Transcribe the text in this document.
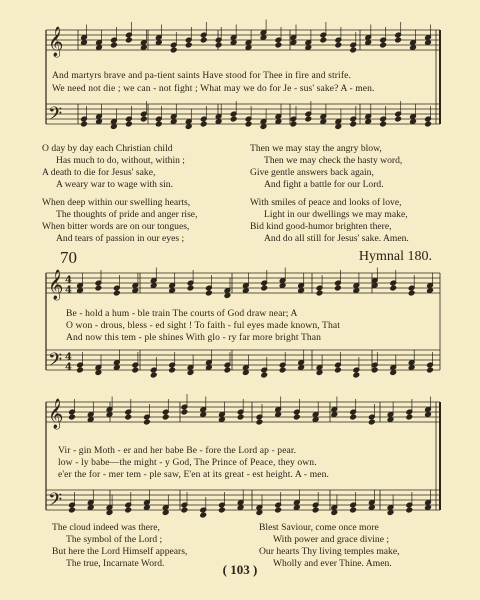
𝄞
𝄢
𝄞
𝄢
𝄞
𝄢
4
4
4
4
And martyrs brave and pa-tient saints Have stood for Thee in fire and strife.
We need not die ; we can - not fight ; What may we do for Je - sus' sake? A - men.
O day by day each Christian child
Has much to do, without, within ;
A death to die for Jesus' sake,
A weary war to wage with sin.
When deep within our swelling hearts,
The thoughts of pride and anger rise,
When bitter words are on our tongues,
And tears of passion in our eyes ;
Then we may stay the angry blow,
Then we may check the hasty word,
Give gentle answers back again,
And fight a battle for our Lord.
With smiles of peace and looks of love,
Light in our dwellings we may make,
Bid kind good-humor brighten there,
And do all still for Jesus' sake. Amen.
70	Hymnal 180.
Be - hold a hum - ble train The courts of God draw near; A
O won - drous, bless - ed sight ! To faith - ful eyes made known, That
And now this tem - ple shines With glo - ry far more bright Than
Vir - gin Moth - er and her babe Be - fore the Lord ap - pear.
low - ly babe—the might - y God, The Prince of Peace, they own.
e'er the for - mer tem - ple saw, E'en at its great - est height. A - men.
The cloud indeed was there,
The symbol of the Lord ;
But here the Lord Himself appears,
The true, Incarnate Word.
Blest Saviour, come once more
With power and grace divine ;
Our hearts Thy living temples make,
Wholly and ever Thine. Amen.
( 103 )
